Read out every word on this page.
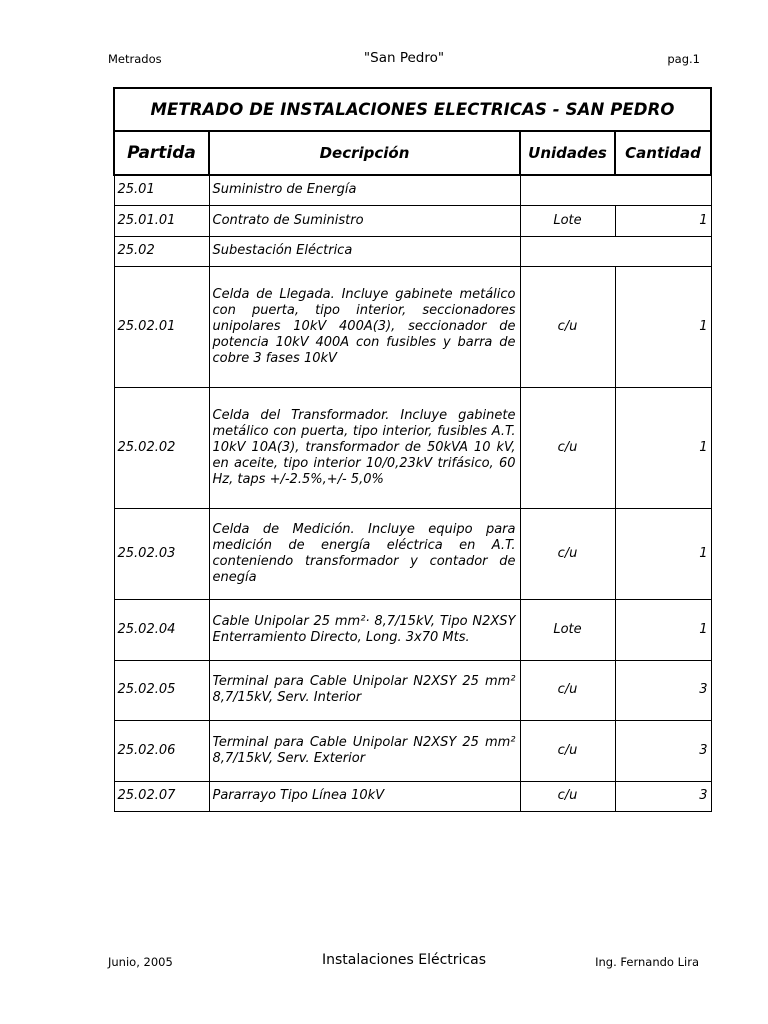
Metrados	"San Pedro"	pag.1
METRADO DE INSTALACIONES ELECTRICAS - SAN PEDRO			
Partida	Decripción	Unidades	Cantidad
25.01	Suministro de Energía		
25.01.01	Contrato de Suministro	Lote	1
25.02	Subestación Eléctrica		
25.02.01	Celda de Llegada. Incluye gabinete metálico con puerta, tipo interior, seccionadores unipolares 10kV 400A(3), seccionador de potencia 10kV 400A con fusibles y barra de cobre 3 fases 10kV	c/u	1
25.02.02	Celda del Transformador. Incluye gabinete metálico con puerta, tipo interior, fusibles A.T. 10kV 10A(3), transformador de 50kVA 10 kV, en aceite, tipo interior 10/0,23kV trifásico, 60 Hz, taps +/-2.5%,+/- 5,0%	c/u	1
25.02.03	Celda de Medición. Incluye equipo para medición de energía eléctrica en A.T. conteniendo transformador y contador de enegía	c/u	1
25.02.04	Cable Unipolar 25 mm²· 8,7/15kV, Tipo N2XSY Enterramiento Directo, Long. 3x70 Mts.	Lote	1
25.02.05	Terminal para Cable Unipolar N2XSY 25 mm² 8,7/15kV, Serv. Interior	c/u	3
25.02.06	Terminal para Cable Unipolar N2XSY 25 mm² 8,7/15kV, Serv. Exterior	c/u	3
25.02.07	Pararrayo Tipo Línea 10kV	c/u	3
Junio, 2005	Instalaciones Eléctricas	Ing. Fernando Lira
